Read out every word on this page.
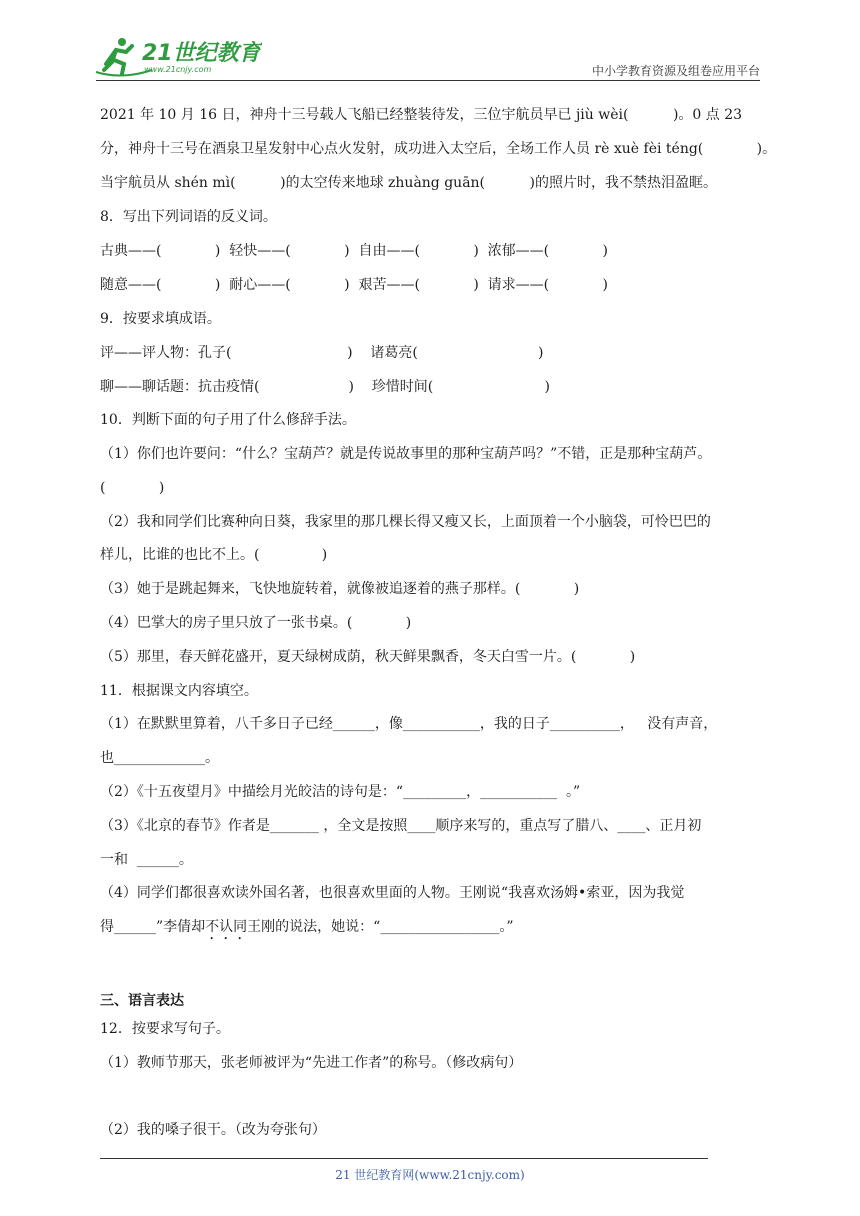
21世纪教育
www.21cnjy.com	中小学教育资源及组卷应用平台
2021 年 10 月 16 日，神舟十三号载人飞船已经整装待发，三位宇航员早已 jiù wèi(          )。0 点 23
分，神舟十三号在酒泉卫星发射中心点火发射，成功进入太空后，全场工作人员 rè xuè fèi téng(            )。
当宇航员从 shén mì(          )的太空传来地球 zhuàng guān(          )的照片时，我不禁热泪盈眶。
8．写出下列词语的反义词。
古典——(            )  轻快——(            )  自由——(            )  浓郁——(            )
随意——(            )  耐心——(            )  艰苦——(            )  请求——(            )
9．按要求填成语。
评——评人物：孔子(                          )    诸葛亮(                           )
聊——聊话题：抗击疫情(                    )    珍惜时间(                         )
10．判断下面的句子用了什么修辞手法。
（1）你们也许要问：“什么？宝葫芦？就是传说故事里的那种宝葫芦吗？”不错，正是那种宝葫芦。
(            )
（2）我和同学们比赛种向日葵，我家里的那几棵长得又瘦又长，上面顶着一个小脑袋，可怜巴巴的
样儿，比谁的也比不上。(              )
（3）她于是跳起舞来，飞快地旋转着，就像被追逐着的燕子那样。(            )
（4）巴掌大的房子里只放了一张书桌。(            )
（5）那里，春天鲜花盛开，夏天绿树成荫，秋天鲜果飘香，冬天白雪一片。(            )
11．根据课文内容填空。
（1）在默默里算着，八千多日子已经______，像___________，我的日子__________，   没有声音，
也_____________。
（2）《十五夜望月》中描绘月光皎洁的诗句是：“_________，___________  。”
（3）《北京的春节》作者是_______ ，全文是按照____顺序来写的，重点写了腊八、____、正月初
一和  ______。
（4）同学们都很喜欢读外国名著，也很喜欢里面的人物。王刚说“我喜欢汤姆•索亚，因为我觉
得______”李倩却不认同王刚的说法，她说：“_________________。”
三、语言表达
12．按要求写句子。
（1）教师节那天，张老师被评为“先进工作者”的称号。（修改病句）
（2）我的嗓子很干。（改为夸张句）
21 世纪教育网(www.21cnjy.com)
